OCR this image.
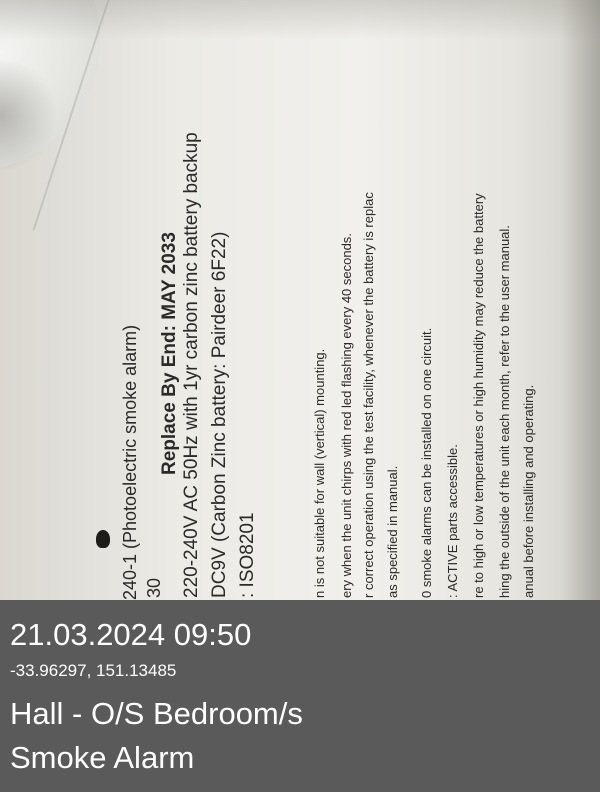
240-1 (Photoelectric smoke alarm) 30
Replace By End: MAY 2033 220-240V AC 50Hz with 1yr carbon zinc battery backup DC9V (Carbon Zinc battery: Pairdeer 6F22) : ISO8201	n is not suitable for wall (vertical) mounting. ery when the unit chirps with red led flashing every 40 seconds. r correct operation using the test facility, whenever the battery is replac as specified in manual. 0 smoke alarms can be installed on one circuit. : ACTIVE parts accessible. re to high or low temperatures or high humidity may reduce the battery hing the outside of the unit each month, refer to the user manual. anual before installing and operating.
21.03.2024 09:50
-33.96297, 151.13485
Hall - O/S Bedroom/s
Smoke Alarm
